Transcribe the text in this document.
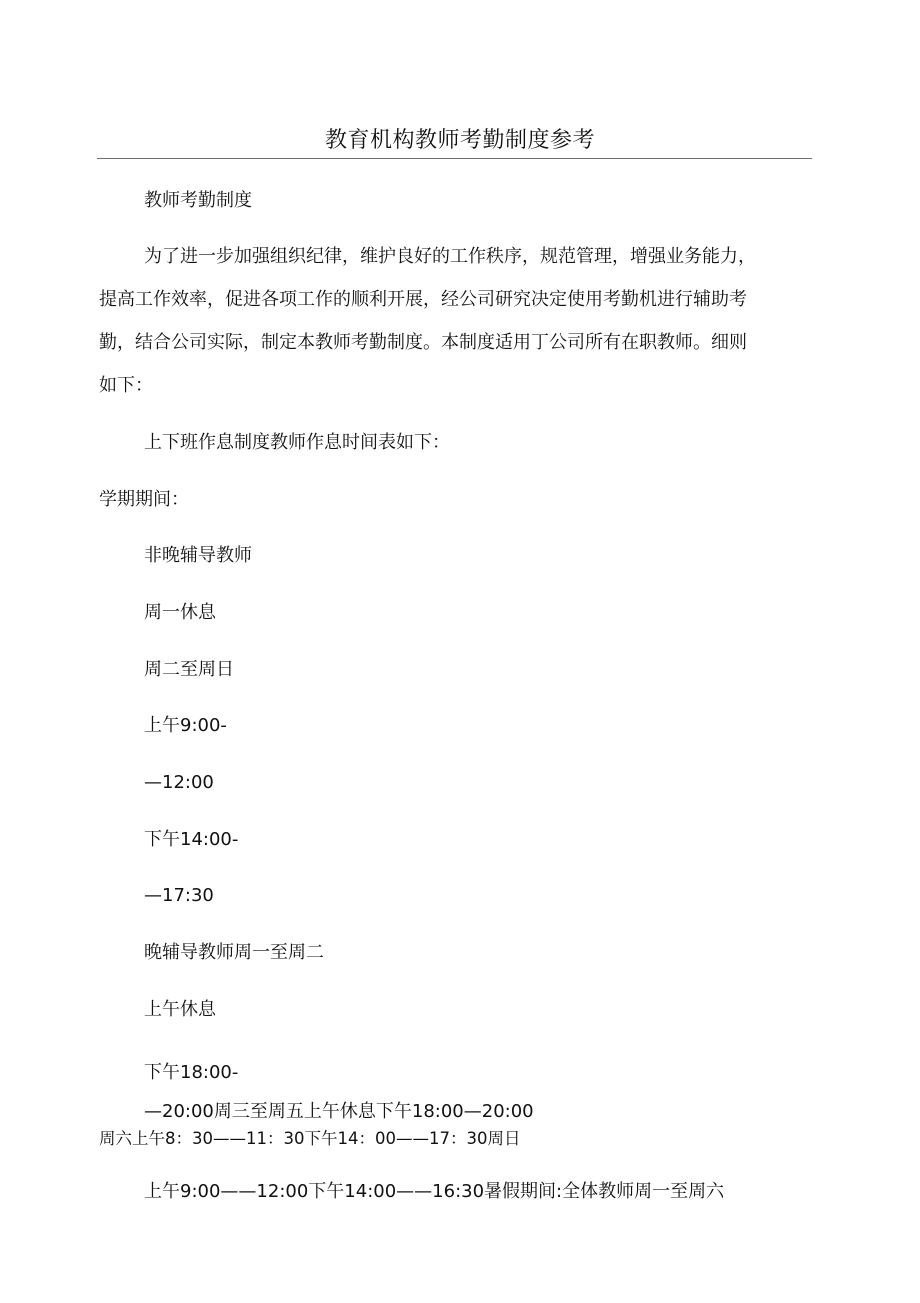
教育机构教师考勤制度参考
教师考勤制度
为了进一步加强组织纪律，维护良好的工作秩序，规范管理，增强业务能力，
提高工作效率，促进各项工作的顺利开展，经公司研究决定使用考勤机进行辅助考
勤，结合公司实际，制定本教师考勤制度。本制度适用丁公司所有在职教师。细则
如下：
上下班作息制度教师作息时间表如下：
学期期间：
非晚辅导教师
周一休息
周二至周日
上午9:00-
—12:00
下午14:00-
—17:30
晚辅导教师周一至周二
上午休息
下午18:00-
—20:00周三至周五上午休息下午18:00—20:00
周六上午8：30——11：30下午14：00——17：30周日
上午9:00——12:00下午14:00——16:30暑假期间:全体教师周一至周六
